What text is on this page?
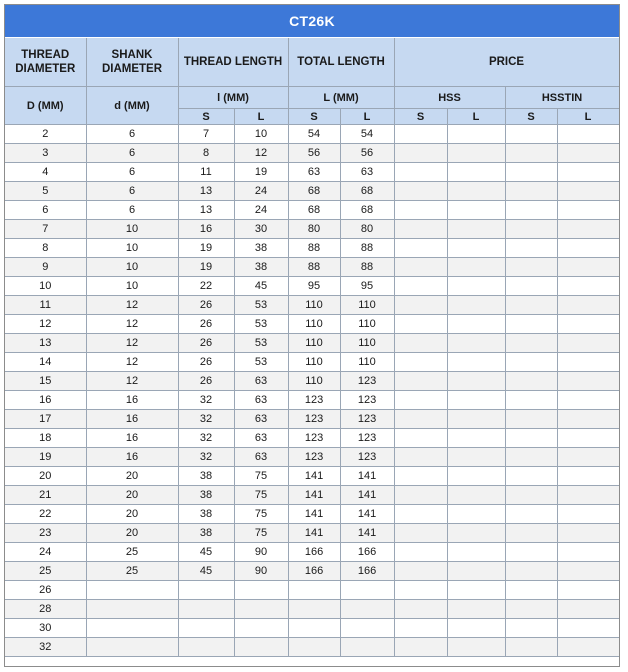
CT26K
THREAD DIAMETER	SHANK DIAMETER	THREAD LENGTH		TOTAL LENGTH		PRICE			
D (MM)	d (MM)	l (MM)		L (MM)		HSS		HSSTIN	
		S	L	S	L	S	L	S	L
2	6	7	10	54	54				
3	6	8	12	56	56				
4	6	11	19	63	63				
5	6	13	24	68	68				
6	6	13	24	68	68				
7	10	16	30	80	80				
8	10	19	38	88	88				
9	10	19	38	88	88				
10	10	22	45	95	95				
11	12	26	53	110	110				
12	12	26	53	110	110				
13	12	26	53	110	110				
14	12	26	53	110	110				
15	12	26	63	110	123				
16	16	32	63	123	123				
17	16	32	63	123	123				
18	16	32	63	123	123				
19	16	32	63	123	123				
20	20	38	75	141	141				
21	20	38	75	141	141				
22	20	38	75	141	141				
23	20	38	75	141	141				
24	25	45	90	166	166				
25	25	45	90	166	166				
26									
28									
30									
32									
